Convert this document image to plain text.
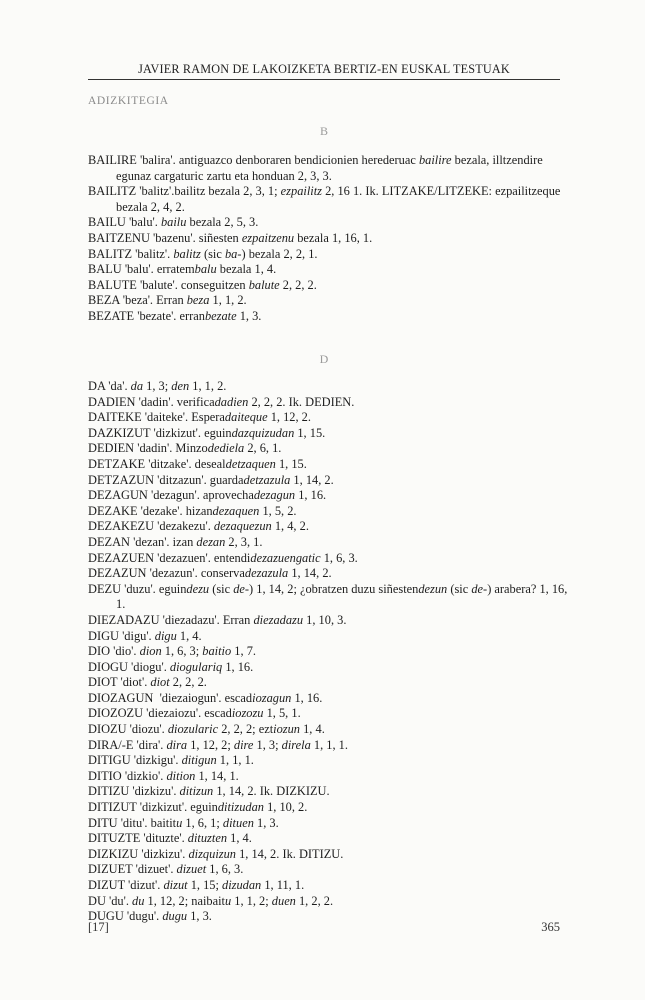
JAVIER RAMON DE LAKOIZKETA BERTIZ-EN EUSKAL TESTUAK
ADIZKITEGIA
B
BAILIRE 'balira'. antiguazco denboraren bendicionien herederuac bailire bezala, illtzendire egunaz cargaturic zartu eta honduan 2, 3, 3.
BAILITZ 'balitz'.bailitz bezala 2, 3, 1; ezpailitz 2, 16 1. Ik. LITZAKE/LITZEKE: ezpailitzeque bezala 2, 4, 2.
BAILU 'balu'. bailu bezala 2, 5, 3.
BAITZENU 'bazenu'. siñesten ezpaitzenu bezala 1, 16, 1.
BALITZ 'balitz'. balitz (sic ba-) bezala 2, 2, 1.
BALU 'balu'. erratembalu bezala 1, 4.
BALUTE 'balute'. conseguitzen balute 2, 2, 2.
BEZA 'beza'. Erran beza 1, 1, 2.
BEZATE 'bezate'. erranbezate 1, 3.
D
DA 'da'. da 1, 3; den 1, 1, 2.
DADIEN 'dadin'. verificadadien 2, 2, 2. Ik. DEDIEN.
DAITEKE 'daiteke'. Esperadaiteque 1, 12, 2.
DAZKIZUT 'dizkizut'. eguindazquizudan 1, 15.
DEDIEN 'dadin'. Minzodediela 2, 6, 1.
DETZAKE 'ditzake'. desealdetzaquen 1, 15.
DETZAZUN 'ditzazun'. guardadetzazula 1, 14, 2.
DEZAGUN 'dezagun'. aprovechadezagun 1, 16.
DEZAKE 'dezake'. hizandezaquen 1, 5, 2.
DEZAKEZU 'dezakezu'. dezaquezun 1, 4, 2.
DEZAN 'dezan'. izan dezan 2, 3, 1.
DEZAZUEN 'dezazuen'. entendidezazuengatic 1, 6, 3.
DEZAZUN 'dezazun'. conservadezazula 1, 14, 2.
DEZU 'duzu'. eguindezu (sic de-) 1, 14, 2; ¿obratzen duzu siñestendezun (sic de-) arabera? 1, 16, 1.
DIEZADAZU 'diezadazu'. Erran diezadazu 1, 10, 3.
DIGU 'digu'. digu 1, 4.
DIO 'dio'. dion 1, 6, 3; baitio 1, 7.
DIOGU 'diogu'. diogulariq 1, 16.
DIOT 'diot'. diot 2, 2, 2.
DIOZAGUN  'diezaiogun'. escadiozagun 1, 16.
DIOZOZU 'diezaiozu'. escadiozozu 1, 5, 1.
DIOZU 'diozu'. diozularic 2, 2, 2; eztiozun 1, 4.
DIRA/-E 'dira'. dira 1, 12, 2; dire 1, 3; direla 1, 1, 1.
DITIGU 'dizkigu'. ditigun 1, 1, 1.
DITIO 'dizkio'. dition 1, 14, 1.
DITIZU 'dizkizu'. ditizun 1, 14, 2. Ik. DIZKIZU.
DITIZUT 'dizkizut'. eguinditizudan 1, 10, 2.
DITU 'ditu'. baititu 1, 6, 1; dituen 1, 3.
DITUZTE 'dituzte'. dituzten 1, 4.
DIZKIZU 'dizkizu'. dizquizun 1, 14, 2. Ik. DITIZU.
DIZUET 'dizuet'. dizuet 1, 6, 3.
DIZUT 'dizut'. dizut 1, 15; dizudan 1, 11, 1.
DU 'du'. du 1, 12, 2; naibaitu 1, 1, 2; duen 1, 2, 2.
DUGU 'dugu'. dugu 1, 3.
[17]	365
